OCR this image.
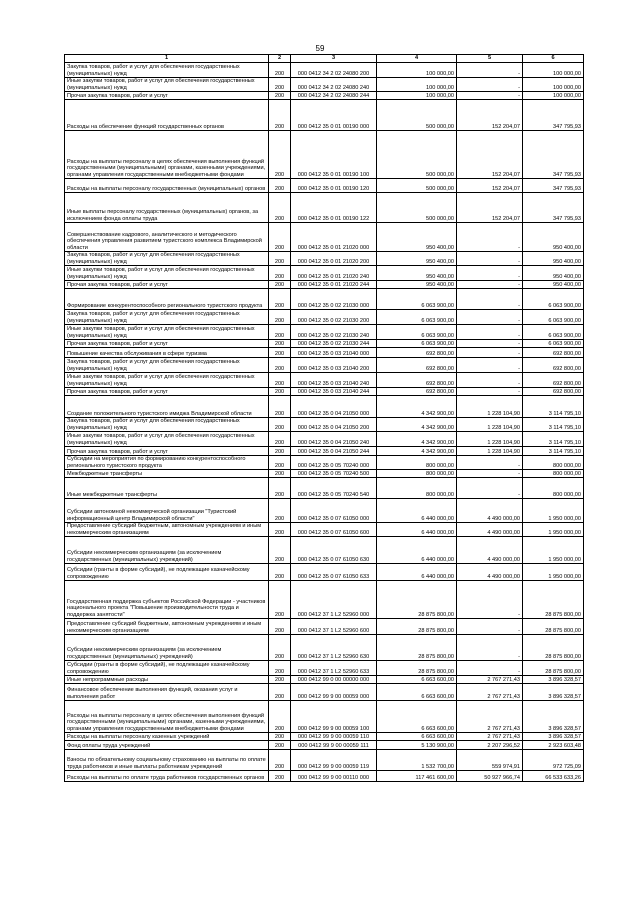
59
1	2	3	4	5	6
Закупка товаров, работ и услуг для обеспечения государственных (муниципальных) нужд	200	000 0412 34 2 02 24080 200	100 000,00	-	100 000,00
Иные закупки товаров, работ и услуг для обеспечения государственных (муниципальных) нужд	200	000 0412 34 2 02 24080 240	100 000,00	-	100 000,00
Прочая закупка товаров, работ и услуг	200	000 0412 34 2 02 24080 244	100 000,00	-	100 000,00
Расходы на обеспечение функций государственных органов	200	000 0412 35 0 01 00190 000	500 000,00	152 204,07	347 795,93
Расходы на выплаты персоналу в целях обеспечения выполнения функций государственными (муниципальными) органами, казенными учреждениями, органами управления государственными внебюджетными фондами	200	000 0412 35 0 01 00190 100	500 000,00	152 204,07	347 795,93
Расходы на выплаты персоналу государственных (муниципальных) органов	200	000 0412 35 0 01 00190 120	500 000,00	152 204,07	347 795,93
Иные выплаты персоналу государственных (муниципальных) органов, за исключением фонда оплаты труда	200	000 0412 35 0 01 00190 122	500 000,00	152 204,07	347 795,93
Совершенствование кадрового, аналитического и методического обеспечения управления развитием туристского комплекса Владимирской области	200	000 0412 35 0 01 21020 000	950 400,00	-	950 400,00
Закупка товаров, работ и услуг для обеспечения государственных (муниципальных) нужд	200	000 0412 35 0 01 21020 200	950 400,00	-	950 400,00
Иные закупки товаров, работ и услуг для обеспечения государственных (муниципальных) нужд	200	000 0412 35 0 01 21020 240	950 400,00	-	950 400,00
Прочая закупка товаров, работ и услуг	200	000 0412 35 0 01 21020 244	950 400,00	-	950 400,00
Формирование конкурентоспособного регионального туристского продукта	200	000 0412 35 0 02 21030 000	6 063 900,00	-	6 063 900,00
Закупка товаров, работ и услуг для обеспечения государственных (муниципальных) нужд	200	000 0412 35 0 02 21030 200	6 063 900,00	-	6 063 900,00
Иные закупки товаров, работ и услуг для обеспечения государственных (муниципальных) нужд	200	000 0412 35 0 02 21030 240	6 063 900,00	-	6 063 900,00
Прочая закупка товаров, работ и услуг	200	000 0412 35 0 02 21030 244	6 063 900,00	-	6 063 900,00
Повышение качества обслуживания в сфере туризма	200	000 0412 35 0 03 21040 000	692 800,00	-	692 800,00
Закупка товаров, работ и услуг для обеспечения государственных (муниципальных) нужд	200	000 0412 35 0 03 21040 200	692 800,00	-	692 800,00
Иные закупки товаров, работ и услуг для обеспечения государственных (муниципальных) нужд	200	000 0412 35 0 03 21040 240	692 800,00	-	692 800,00
Прочая закупка товаров, работ и услуг	200	000 0412 35 0 03 21040 244	692 800,00	-	692 800,00
Создание положительного туристского имиджа Владимирской области	200	000 0412 35 0 04 21050 000	4 342 900,00	1 228 104,90	3 114 795,10
Закупка товаров, работ и услуг для обеспечения государственных (муниципальных) нужд	200	000 0412 35 0 04 21050 200	4 342 900,00	1 228 104,90	3 114 795,10
Иные закупки товаров, работ и услуг для обеспечения государственных (муниципальных) нужд	200	000 0412 35 0 04 21050 240	4 342 900,00	1 228 104,90	3 114 795,10
Прочая закупка товаров, работ и услуг	200	000 0412 35 0 04 21050 244	4 342 900,00	1 228 104,90	3 114 795,10
Субсидии на мероприятия по формированию конкурентоспособного регионального туристского продукта	200	000 0412 35 0 05 70240 000	800 000,00	-	800 000,00
Межбюджетные трансферты	200	000 0412 35 0 05 70240 500	800 000,00	-	800 000,00
Иные межбюджетные трансферты	200	000 0412 35 0 05 70240 540	800 000,00	-	800 000,00
Субсидии автономной некоммерческой организации "Туристский информационный центр Владимирской области"	200	000 0412 35 0 07 61050 000	6 440 000,00	4 490 000,00	1 950 000,00
Предоставление субсидий бюджетным, автономным учреждениям и иным некоммерческим организациям	200	000 0412 35 0 07 61050 600	6 440 000,00	4 490 000,00	1 950 000,00
Субсидии некоммерческим организациям (за исключением государственных (муниципальных) учреждений)	200	000 0412 35 0 07 61050 630	6 440 000,00	4 490 000,00	1 950 000,00
Субсидии (гранты в форме субсидий), не подлежащие казначейскому сопровождению	200	000 0412 35 0 07 61050 633	6 440 000,00	4 490 000,00	1 950 000,00
Государственная поддержка субъектов Российской Федерации - участников национального проекта "Повышение производительности труда и поддержка занятости"	200	000 0412 37 1 L2 52960 000	28 875 800,00	-	28 875 800,00
Предоставление субсидий бюджетным, автономным учреждениям и иным некоммерческим организациям	200	000 0412 37 1 L2 52960 600	28 875 800,00	-	28 875 800,00
Субсидии некоммерческим организациям (за исключением государственных (муниципальных) учреждений)	200	000 0412 37 1 L2 52960 630	28 875 800,00	-	28 875 800,00
Субсидии (гранты в форме субсидий), не подлежащие казначейскому сопровождению	200	000 0412 37 1 L2 52960 633	28 875 800,00	-	28 875 800,00
Иные непрограммные расходы	200	000 0412 99 0 00 00000 000	6 663 600,00	2 767 271,43	3 896 328,57
Финансовое обеспечение выполнения функций, оказания услуг и выполнения работ	200	000 0412 99 9 00 00059 000	6 663 600,00	2 767 271,43	3 896 328,57
Расходы на выплаты персоналу в целях обеспечения выполнения функций государственными (муниципальными) органами, казенными учреждениями, органами управления государственными внебюджетными фондами	200	000 0412 99 9 00 00059 100	6 663 600,00	2 767 271,43	3 896 328,57
Расходы на выплаты персоналу казенных учреждений	200	000 0412 99 9 00 00059 110	6 663 600,00	2 767 271,43	3 896 328,57
Фонд оплаты труда учреждений	200	000 0412 99 9 00 00059 111	5 130 900,00	2 207 296,52	2 923 603,48
Взносы по обязательному социальному страхованию на выплаты по оплате труда работников и иные выплаты работникам учреждений	200	000 0412 99 9 00 00059 119	1 532 700,00	559 974,91	972 725,09
Расходы на выплаты по оплате труда работников государственных органов	200	000 0412 99 9 00 00110 000	117 461 600,00	50 927 966,74	66 533 633,26
